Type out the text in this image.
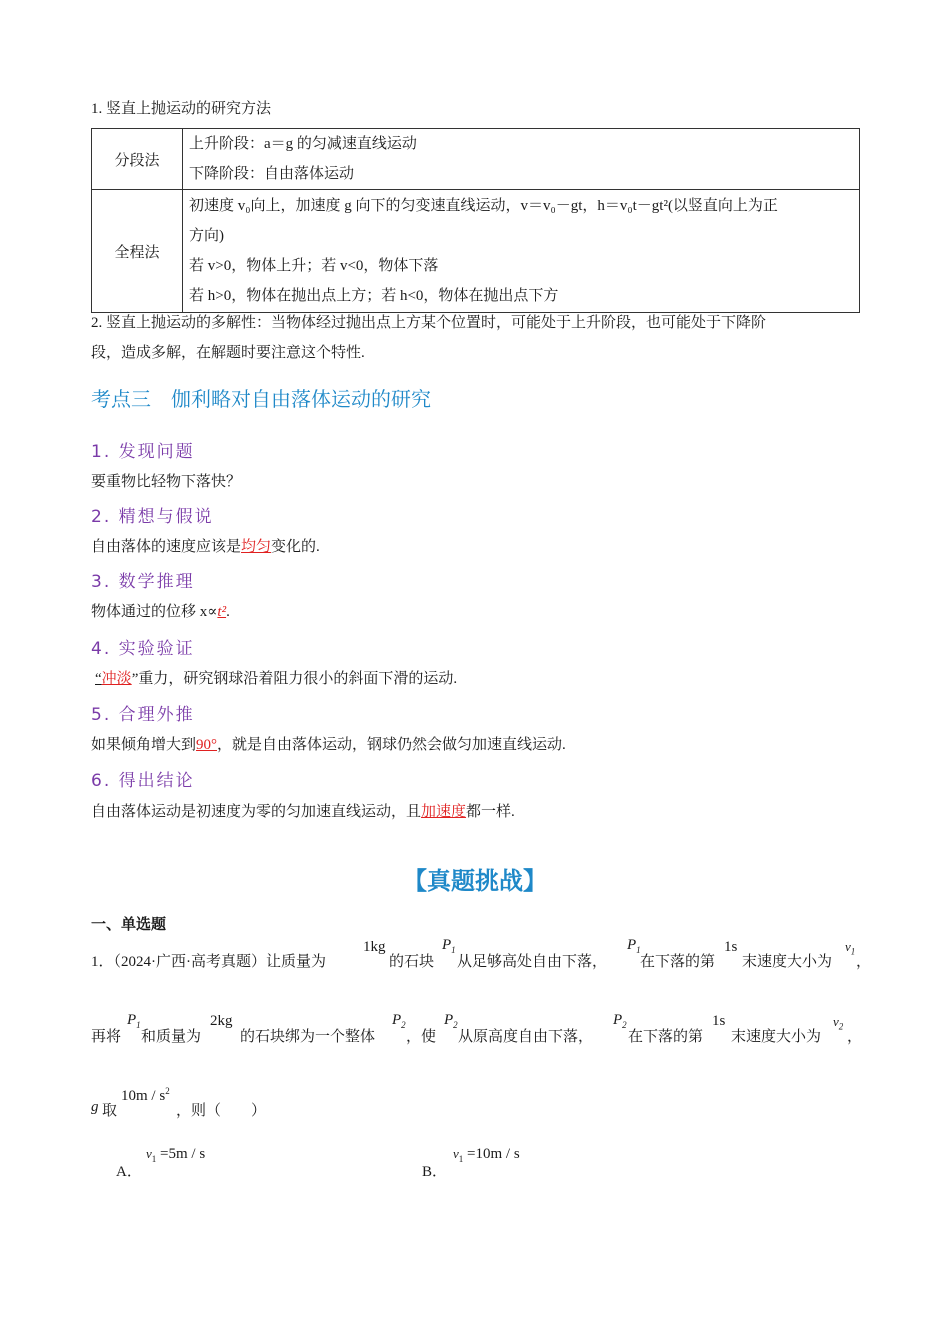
1. 竖直上抛运动的研究方法
分段法	上升阶段：a＝g 的匀减速直线运动
下降阶段：自由落体运动

全程法	初速度 v₀向上，加速度 g 向下的匀变速直线运动，v＝v₀－gt，h＝v₀t－gt²(以竖直向上为正
方向)
若 v>0，物体上升；若 v<0，物体下落
若 h>0，物体在抛出点上方；若 h<0，物体在抛出点下方
2. 竖直上抛运动的多解性：当物体经过抛出点上方某个位置时，可能处于上升阶段，也可能处于下降阶
段，造成多解，在解题时要注意这个特性.
考点三　伽利略对自由落体运动的研究
1. 发现问题
要重物比轻物下落快？
2. 精想与假说
自由落体的速度应该是均匀变化的.
3. 数学推理
物体通过的位移 x∝t².
4. 实验验证
“冲淡”重力，研究钢球沿着阻力很小的斜面下滑的运动.
5. 合理外推
如果倾角增大到90°，就是自由落体运动，钢球仍然会做匀加速直线运动.
6. 得出结论
自由落体运动是初速度为零的匀加速直线运动，且加速度都一样.
【真题挑战】
一、单选题
1．（2024·广西·高考真题）让质量为
1kg
的石块
$P_1$
从足够高处自由下落，
$P_1$
在下落的第
1s
末速度大小为
$v_1$
，
再将
$P_1$
和质量为
2kg
的石块绑为一个整体
$P_2$
，使
$P_2$
从原高度自由下落，
$P_2$
在下落的第
1s
末速度大小为
$v_2$
，
g 取
$10m / s^2$
，则（　　）
A．
$v_1 =5m / s$
B．
$v_1 =10m / s$
